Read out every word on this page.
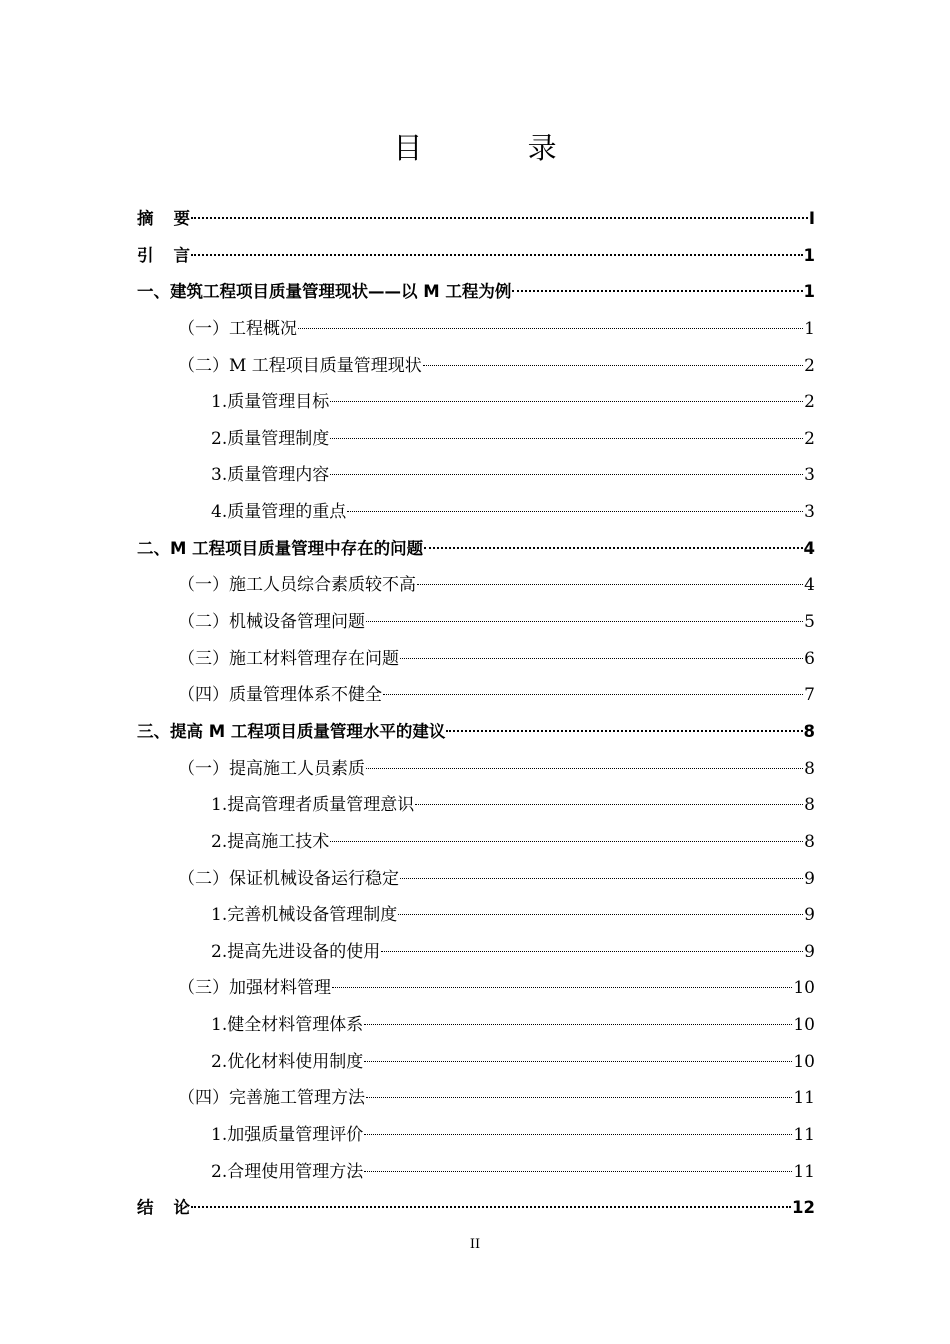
目 录
摘要	I
引言	1
一、建筑工程项目质量管理现状——以 M 工程为例	1
（一）工程概况	1
（二）M 工程项目质量管理现状	2
1.质量管理目标	2
2.质量管理制度	2
3.质量管理内容	3
4.质量管理的重点	3
二、M 工程项目质量管理中存在的问题	4
（一）施工人员综合素质较不高	4
（二）机械设备管理问题	5
（三）施工材料管理存在问题	6
（四）质量管理体系不健全	7
三、提高 M 工程项目质量管理水平的建议	8
（一）提高施工人员素质	8
1.提高管理者质量管理意识	8
2.提高施工技术	8
（二）保证机械设备运行稳定	9
1.完善机械设备管理制度	9
2.提高先进设备的使用	9
（三）加强材料管理	10
1.健全材料管理体系	10
2.优化材料使用制度	10
（四）完善施工管理方法	11
1.加强质量管理评价	11
2.合理使用管理方法	11
结论	12
II
